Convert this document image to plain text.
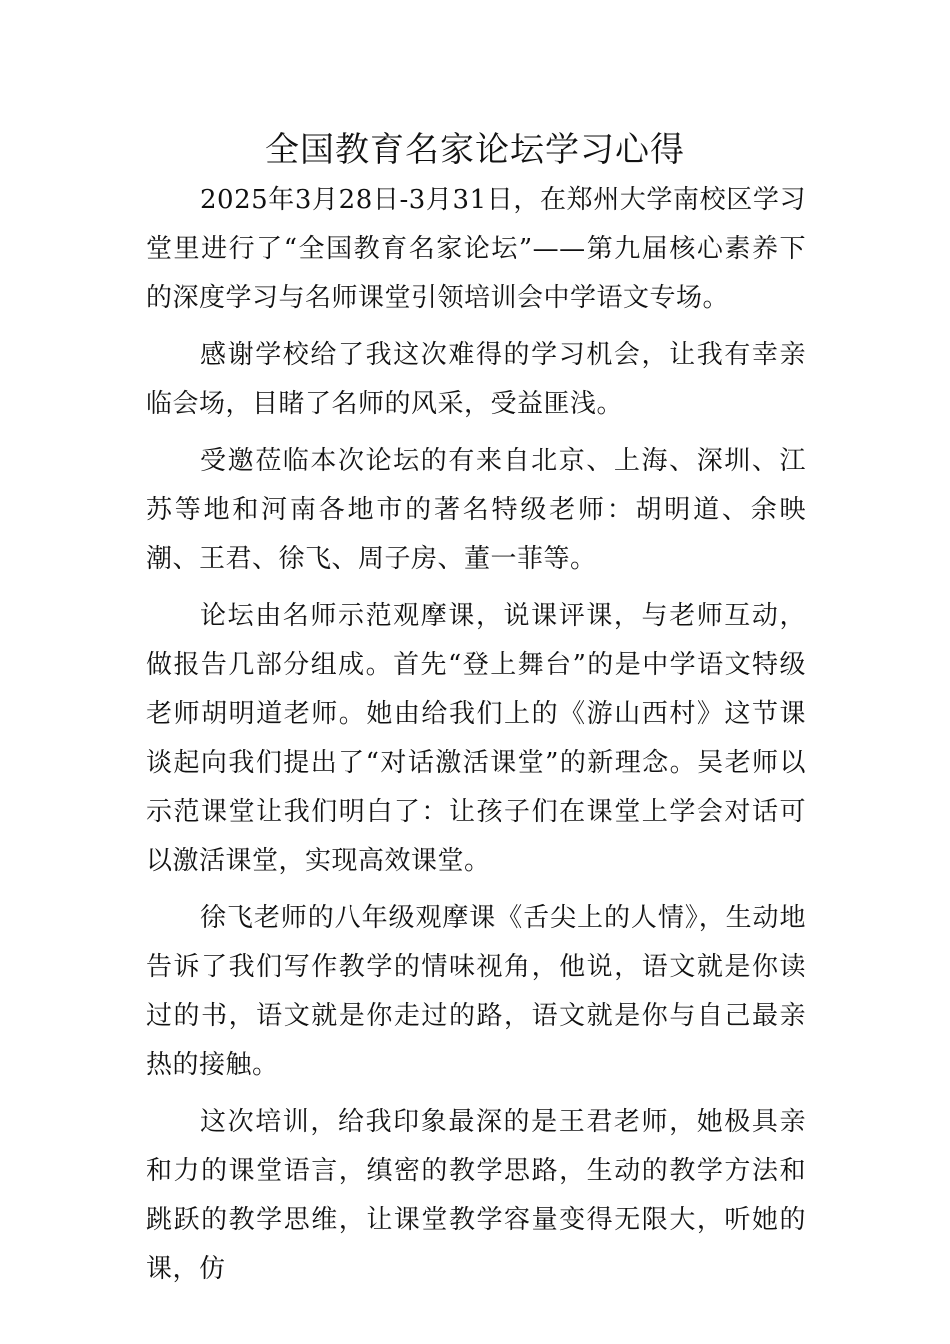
全国教育名家论坛学习心得

2025年3月28日-3月31日，在郑州大学南校区学习堂里进行了“全国教育名家论坛”——第九届核心素养下的深度学习与名师课堂引领培训会中学语文专场。

感谢学校给了我这次难得的学习机会，让我有幸亲临会场，目睹了名师的风采，受益匪浅。

受邀莅临本次论坛的有来自北京、上海、深圳、江苏等地和河南各地市的著名特级老师：胡明道、余映潮、王君、徐飞、周子房、董一菲等。

论坛由名师示范观摩课，说课评课，与老师互动，做报告几部分组成。首先“登上舞台”的是中学语文特级老师胡明道老师。她由给我们上的《游山西村》这节课谈起向我们提出了“对话激活课堂”的新理念。吴老师以示范课堂让我们明白了：让孩子们在课堂上学会对话可以激活课堂，实现高效课堂。

徐飞老师的八年级观摩课《舌尖上的人情》，生动地告诉了我们写作教学的情味视角，他说，语文就是你读过的书，语文就是你走过的路，语文就是你与自己最亲热的接触。

这次培训，给我印象最深的是王君老师，她极具亲和力的课堂语言，缜密的教学思路，生动的教学方法和跳跃的教学思维，让课堂教学容量变得无限大，听她的课，仿
